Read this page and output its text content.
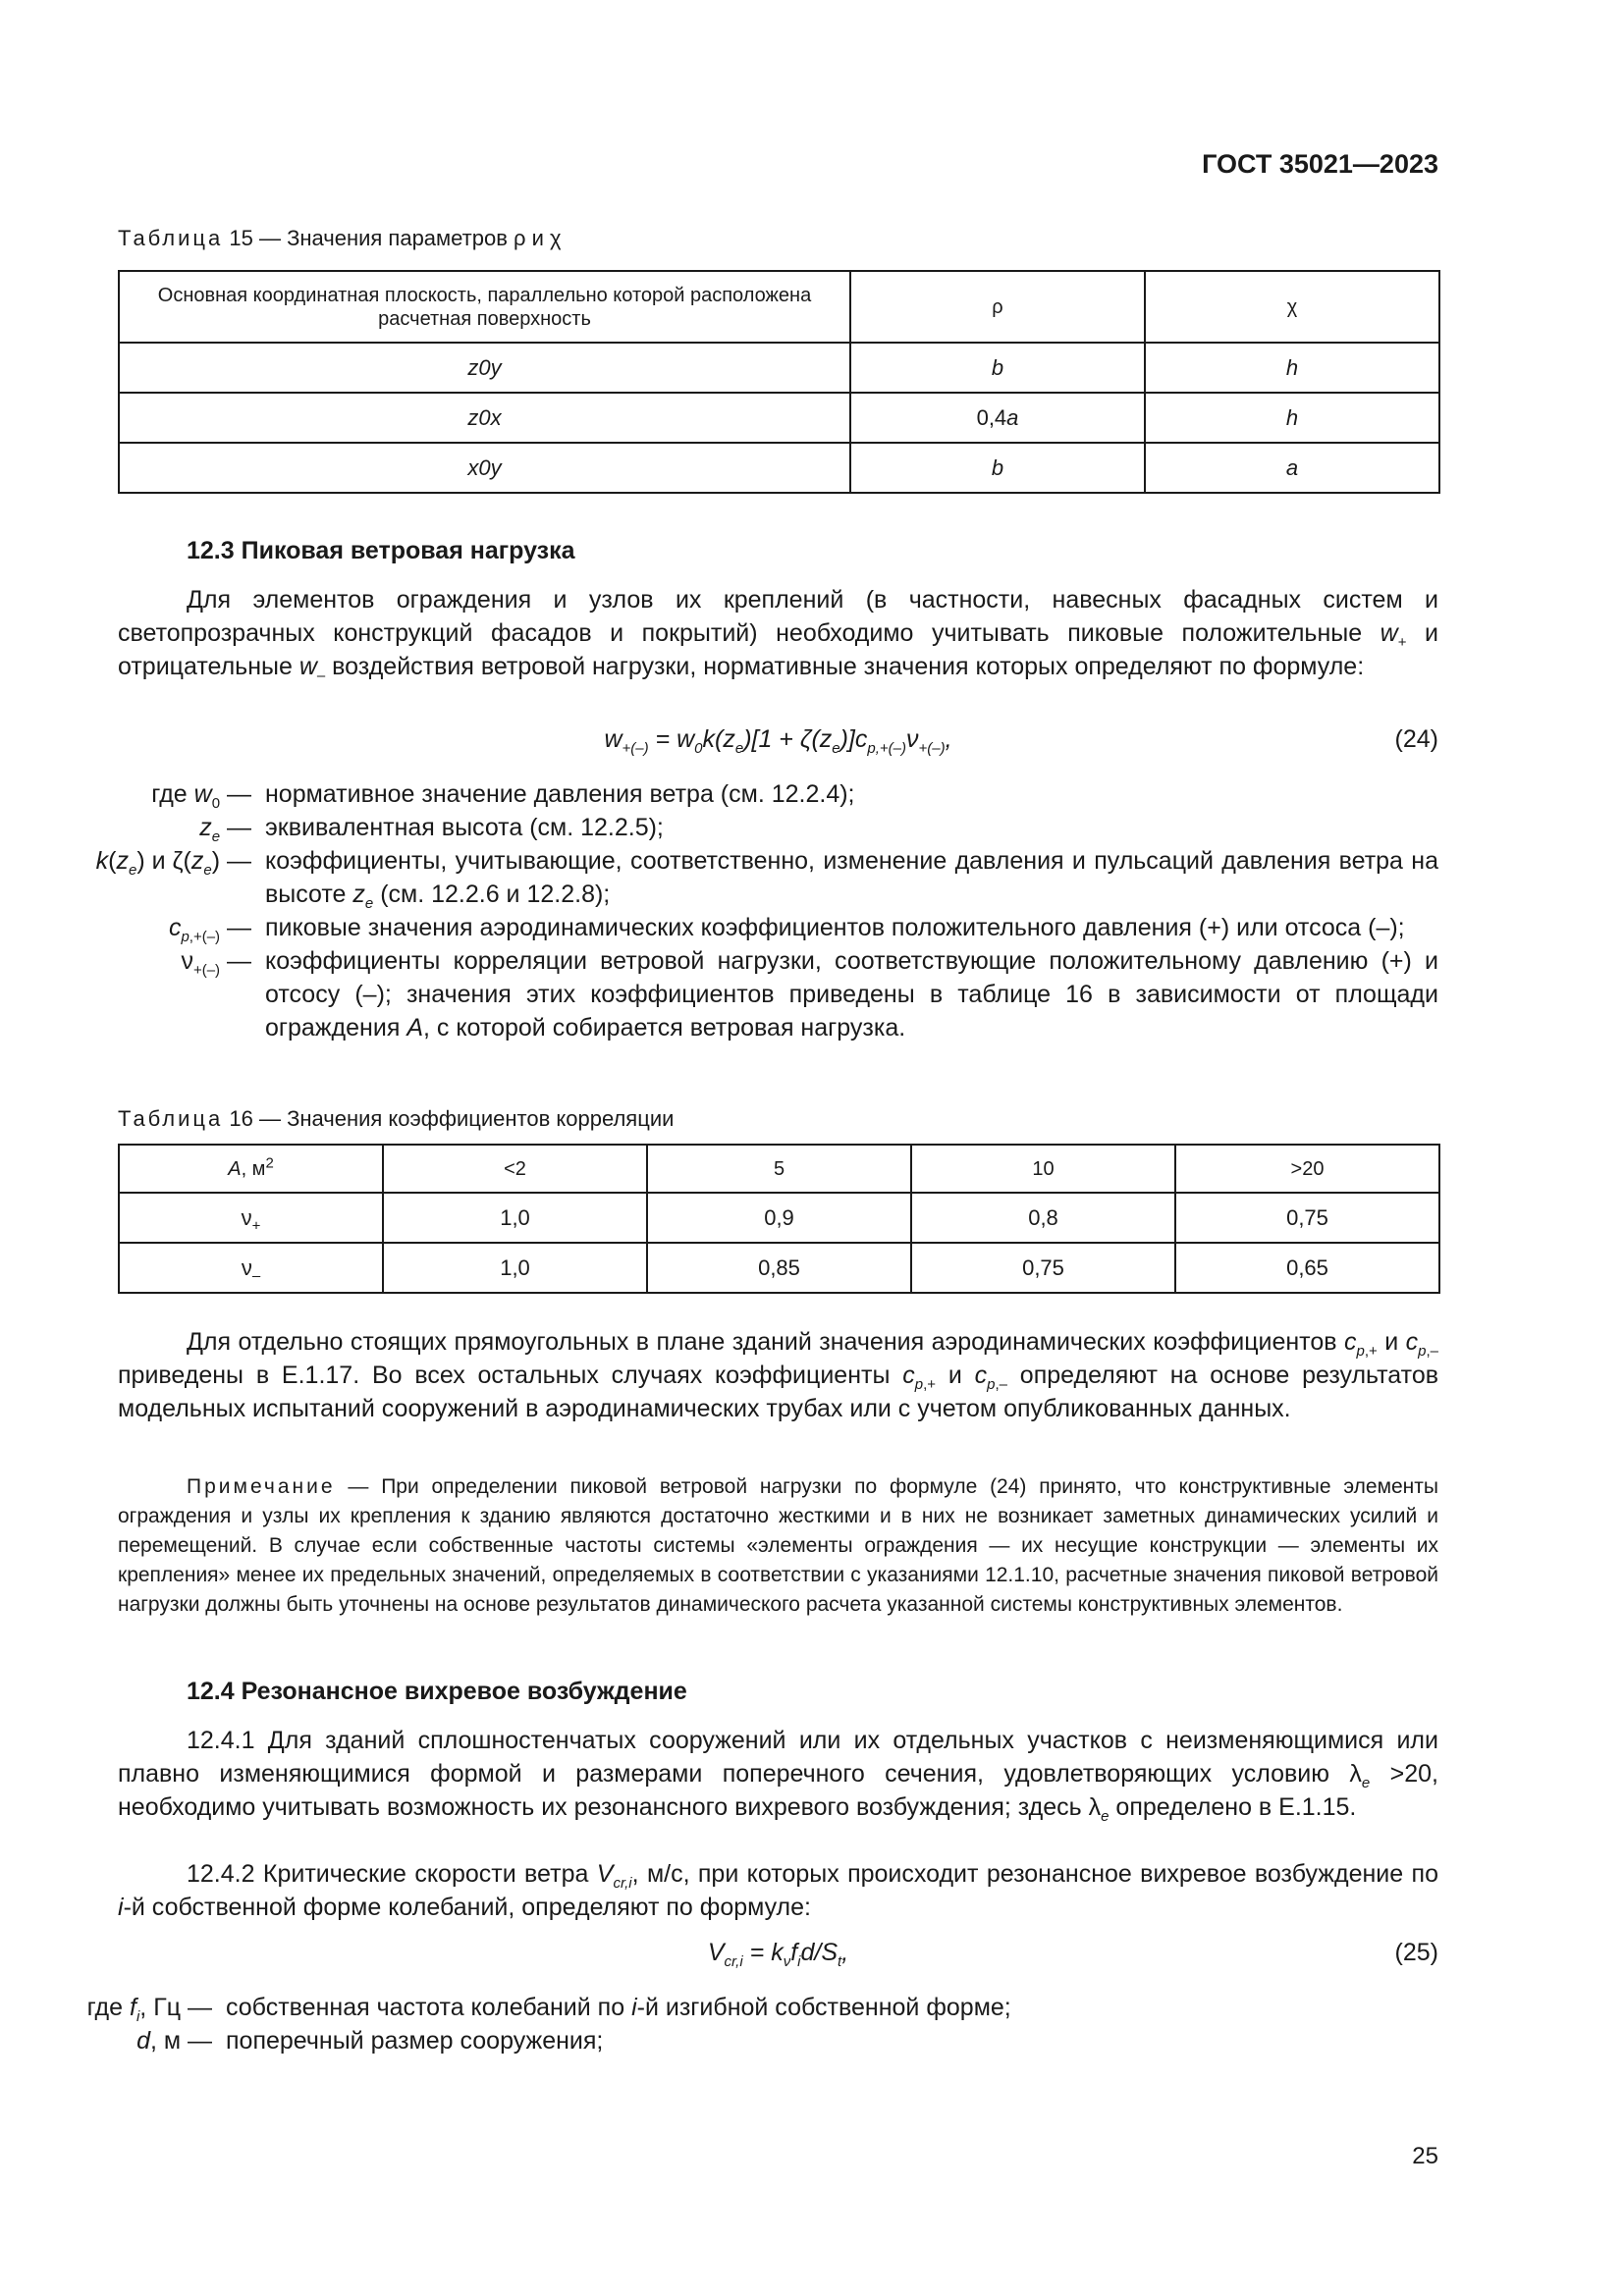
ГОСТ 35021—2023
Таблица 15 — Значения параметров ρ и χ
Основная координатная плоскость, параллельно которой расположена расчетная поверхность	ρ	χ
z0y	b	h
z0x	0,4a	h
x0y	b	a
12.3 Пиковая ветровая нагрузка

Для элементов ограждения и узлов их креплений (в частности, навесных фасадных систем и светопрозрачных конструкций фасадов и покрытий) необходимо учитывать пиковые положительные $w_+$ и отрицательные $w_-$ воздействия ветровой нагрузки, нормативные значения которых определяют по формуле:

$w_{+(-)} = w_0k(z_e)[1 + \zeta(z_e)]c_{p,+(-)}\nu_{+(-)}$,	(24)
где $w_0$ — нормативное значение давления ветра (см. 12.2.4);
$z_e$ — эквивалентная высота (см. 12.2.5);
$k(z_e)$ и $\zeta(z_e)$ — коэффициенты, учитывающие, соответственно, изменение давления и пульсаций давления ветра на высоте $z_e$ (см. 12.2.6 и 12.2.8);
$c_{p,+(-)}$ — пиковые значения аэродинамических коэффициентов положительного давления (+) или отсоса (–);
$\nu_{+(-)}$ — коэффициенты корреляции ветровой нагрузки, соответствующие положительному давлению (+) и отсосу (–); значения этих коэффициентов приведены в таблице 16 в зависимости от площади ограждения A, с которой собирается ветровая нагрузка.
Таблица 16 — Значения коэффициентов корреляции
A, $м^2$	<2	5	10	>20
$\nu_+$	1,0	0,9	0,8	0,75
$\nu_-$	1,0	0,85	0,75	0,65

Для отдельно стоящих прямоугольных в плане зданий значения аэродинамических коэффициентов $c_{p,+}$ и $c_{p,-}$ приведены в Е.1.17. Во всех остальных случаях коэффициенты $c_{p,+}$ и $c_{p,-}$ определяют на основе результатов модельных испытаний сооружений в аэродинамических трубах или с учетом опубликованных данных.

Примечание — При определении пиковой ветровой нагрузки по формуле (24) принято, что конструктивные элементы ограждения и узлы их крепления к зданию являются достаточно жесткими и в них не возникает заметных динамических усилий и перемещений. В случае если собственные частоты системы «элементы ограждения — их несущие конструкции — элементы их крепления» менее их предельных значений, определяемых в соответствии с указаниями 12.1.10, расчетные значения пиковой ветровой нагрузки должны быть уточнены на основе результатов динамического расчета указанной системы конструктивных элементов.

12.4 Резонансное вихревое возбуждение

12.4.1 Для зданий сплошностенчатых сооружений или их отдельных участков с неизменяющимися или плавно изменяющимися формой и размерами поперечного сечения, удовлетворяющих условию $\lambda_e >20$, необходимо учитывать возможность их резонансного вихревого возбуждения; здесь $\lambda_e$ определено в Е.1.15.

12.4.2 Критические скорости ветра $V_{cr,i}$, м/с, при которых происходит резонансное вихревое возбуждение по i-й собственной форме колебаний, определяют по формуле:

$V_{cr,i} = k_\nu f_id/S_t$,	(25)
где $f_i$, Гц — собственная частота колебаний по i-й изгибной собственной форме;
d, м — поперечный размер сооружения;
25
